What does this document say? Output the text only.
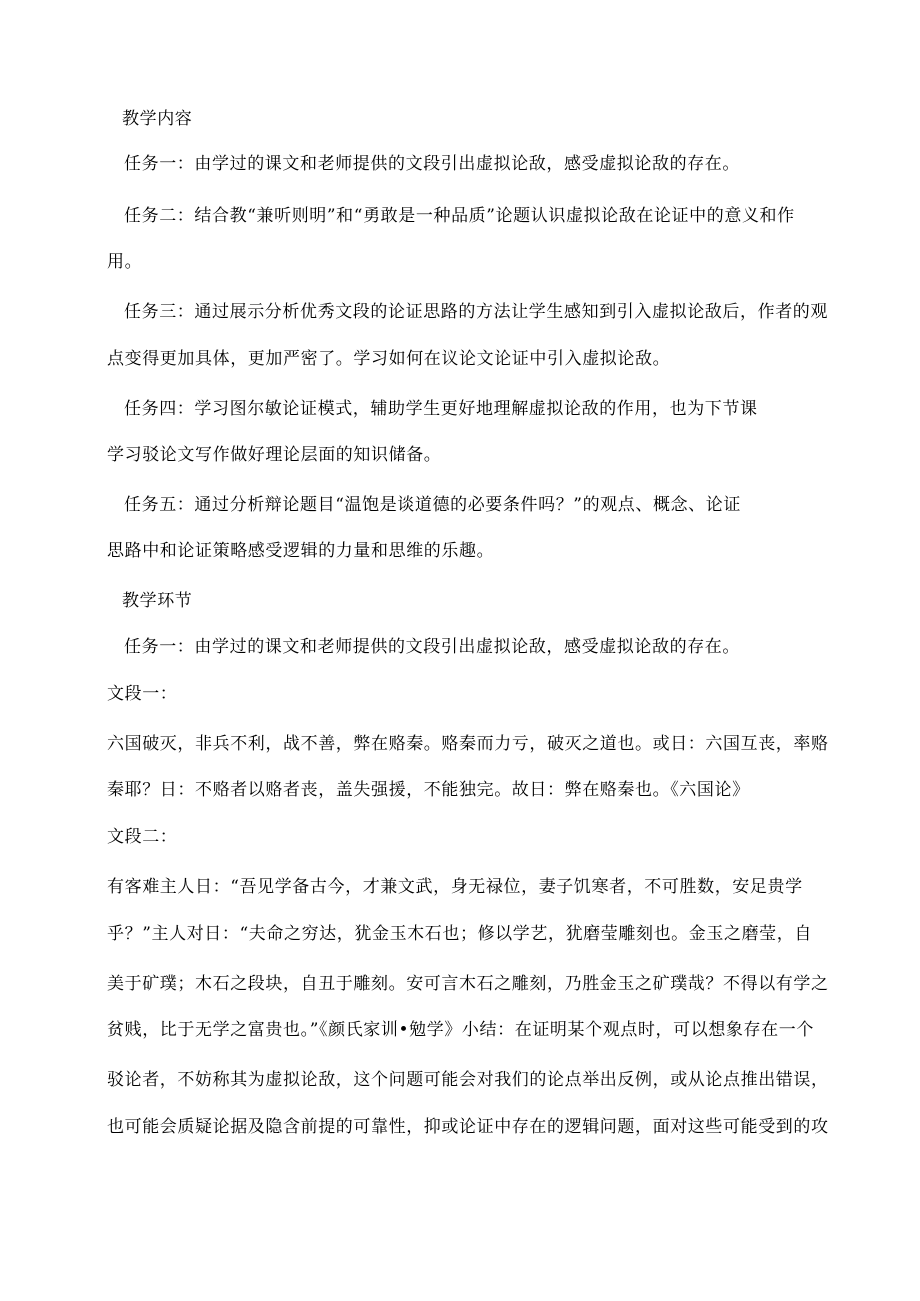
教学内容

任务一：由学过的课文和老师提供的文段引出虚拟论敌，感受虚拟论敌的存在。

任务二：结合教“兼听则明”和“勇敢是一种品质”论题认识虚拟论敌在论证中的意义和作

用。

任务三：通过展示分析优秀文段的论证思路的方法让学生感知到引入虚拟论敌后，作者的观

点变得更加具体，更加严密了。学习如何在议论文论证中引入虚拟论敌。

任务四：学习图尔敏论证模式，辅助学生更好地理解虚拟论敌的作用，也为下节课

学习驳论文写作做好理论层面的知识储备。

任务五：通过分析辩论题目“温饱是谈道德的必要条件吗？”的观点、概念、论证

思路中和论证策略感受逻辑的力量和思维的乐趣。

教学环节

任务一：由学过的课文和老师提供的文段引出虚拟论敌，感受虚拟论敌的存在。

文段一：

六国破灭，非兵不利，战不善，弊在赂秦。赂秦而力亏，破灭之道也。或日：六国互丧，率赂

秦耶？日：不赂者以赂者丧，盖失强援，不能独完。故日：弊在赂秦也。《六国论》

文段二：

有客难主人日：“吾见学备古今，才兼文武，身无禄位，妻子饥寒者，不可胜数，安足贵学

乎？”主人对日：“夫命之穷达，犹金玉木石也；修以学艺，犹磨莹雕刻也。金玉之磨莹，自

美于矿璞；木石之段块，自丑于雕刻。安可言木石之雕刻，乃胜金玉之矿璞哉？不得以有学之

贫贱，比于无学之富贵也。”《颜氏家训•勉学》小结：在证明某个观点时，可以想象存在一个

驳论者，不妨称其为虚拟论敌，这个问题可能会对我们的论点举出反例，或从论点推出错误，

也可能会质疑论据及隐含前提的可靠性，抑或论证中存在的逻辑问题，面对这些可能受到的攻
